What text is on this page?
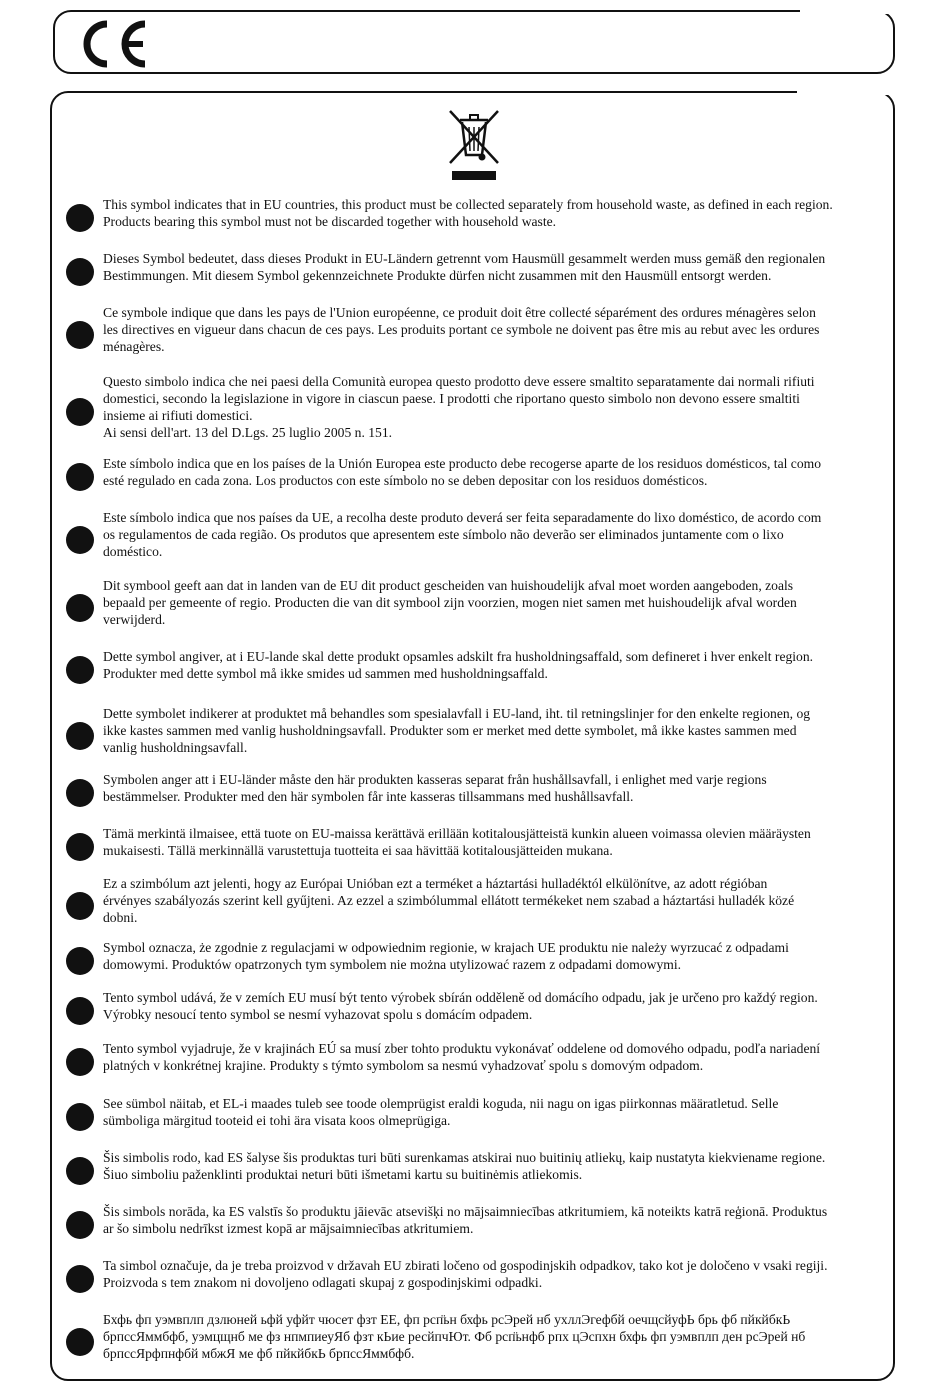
This symbol indicates that in EU countries, this product must be collected separately from household waste, as defined in each region.
Products bearing this symbol must not be discarded together with household waste.
Dieses Symbol bedeutet, dass dieses Produkt in EU-Ländern getrennt vom Hausmüll gesammelt werden muss gemäß den regionalen
Bestimmungen. Mit diesem Symbol gekennzeichnete Produkte dürfen nicht zusammen mit den Hausmüll entsorgt werden.
Ce symbole indique que dans les pays de l'Union européenne, ce produit doit être collecté séparément des ordures ménagères selon
les directives en vigueur dans chacun de ces pays. Les produits portant ce symbole ne doivent pas être mis au rebut avec les ordures
ménagères.
Questo simbolo indica che nei paesi della Comunità europea questo prodotto deve essere smaltito separatamente dai normali rifiuti
domestici, secondo la legislazione in vigore in ciascun paese. I prodotti che riportano questo simbolo non devono essere smaltiti
insieme ai rifiuti domestici.
Ai sensi dell'art. 13 del D.Lgs. 25 luglio 2005 n. 151.
Este símbolo indica que en los países de la Unión Europea este producto debe recogerse aparte de los residuos domésticos, tal como
esté regulado en cada zona. Los productos con este símbolo no se deben depositar con los residuos domésticos.
Este símbolo indica que nos países da UE, a recolha deste produto deverá ser feita separadamente do lixo doméstico, de acordo com
os regulamentos de cada região. Os produtos que apresentem este símbolo não deverão ser eliminados juntamente com o lixo
doméstico.
Dit symbool geeft aan dat in landen van de EU dit product gescheiden van huishoudelijk afval moet worden aangeboden, zoals
bepaald per gemeente of regio. Producten die van dit symbool zijn voorzien, mogen niet samen met huishoudelijk afval worden
verwijderd.
Dette symbol angiver, at i EU-lande skal dette produkt opsamles adskilt fra husholdningsaffald, som defineret i hver enkelt region.
Produkter med dette symbol må ikke smides ud sammen med husholdningsaffald.
Dette symbolet indikerer at produktet må behandles som spesialavfall i EU-land, iht. til retningslinjer for den enkelte regionen, og
ikke kastes sammen med vanlig husholdningsavfall. Produkter som er merket med dette symbolet, må ikke kastes sammen med
vanlig husholdningsavfall.
Symbolen anger att i EU-länder måste den här produkten kasseras separat från hushållsavfall, i enlighet med varje regions
bestämmelser. Produkter med den här symbolen får inte kasseras tillsammans med hushållsavfall.
Tämä merkintä ilmaisee, että tuote on EU-maissa kerättävä erillään kotitalousjätteistä kunkin alueen voimassa olevien määräysten
mukaisesti. Tällä merkinnällä varustettuja tuotteita ei saa hävittää kotitalousjätteiden mukana.
Ez a szimbólum azt jelenti, hogy az Európai Unióban ezt a terméket a háztartási hulladéktól elkülönítve, az adott régióban
érvényes szabályozás szerint kell gyűjteni. Az ezzel a szimbólummal ellátott termékeket nem szabad a háztartási hulladék közé
dobni.
Symbol oznacza, że zgodnie z regulacjami w odpowiednim regionie, w krajach UE produktu nie należy wyrzucać z odpadami
domowymi. Produktów opatrzonych tym symbolem nie można utylizować razem z odpadami domowymi.
Tento symbol udává, že v zemích EU musí být tento výrobek sbírán odděleně od domácího odpadu, jak je určeno pro každý region.
Výrobky nesoucí tento symbol se nesmí vyhazovat spolu s domácím odpadem.
Tento symbol vyjadruje, že v krajinách EÚ sa musí zber tohto produktu vykonávať oddelene od domového odpadu, podľa nariadení
platných v konkrétnej krajine. Produkty s týmto symbolom sa nesmú vyhadzovať spolu s domovým odpadom.
See sümbol näitab, et EL-i maades tuleb see toode olemprügist eraldi koguda, nii nagu on igas piirkonnas määratletud. Selle
sümboliga märgitud tooteid ei tohi ära visata koos olmeprügiga.
Šis simbolis rodo, kad ES šalyse šis produktas turi būti surenkamas atskirai nuo buitinių atliekų, kaip nustatyta kiekviename regione.
Šiuo simboliu paženklinti produktai neturi būti išmetami kartu su buitinėmis atliekomis.
Šis simbols norāda, ka ES valstīs šo produktu jāievāc atsevišķi no mājsaimniecības atkritumiem, kā noteikts katrā reģionā. Produktus
ar šo simbolu nedrīkst izmest kopā ar mājsaimniecības atkritumiem.
Ta simbol označuje, da je treba proizvod v državah EU zbirati ločeno od gospodinjskih odpadkov, tako kot je določeno v vsaki regiji.
Proizvoda s tem znakom ni dovoljeno odlagati skupaj z gospodinjskimi odpadki.
Бхфь фп уэмвплп дзлюней ьфй уфйт чюсет фзт ЕЕ, фп рсп̈ьн бхфь рсЭрей нб ухллЭгефбй оечщсйуфЬ брь фб пйкйбкЬ
брпссЯммбфб, уэмцщнб ме фз нпмпиеуЯб фзт кЬие ресйпчЮт. Фб рсп̈ьнфб рпх цЭспхн бхфь фп уэмвплп ден рсЭрей нб
брпссЯрфпнфбй мбжЯ ме фб пйкйбкЬ брпссЯммбфб.
